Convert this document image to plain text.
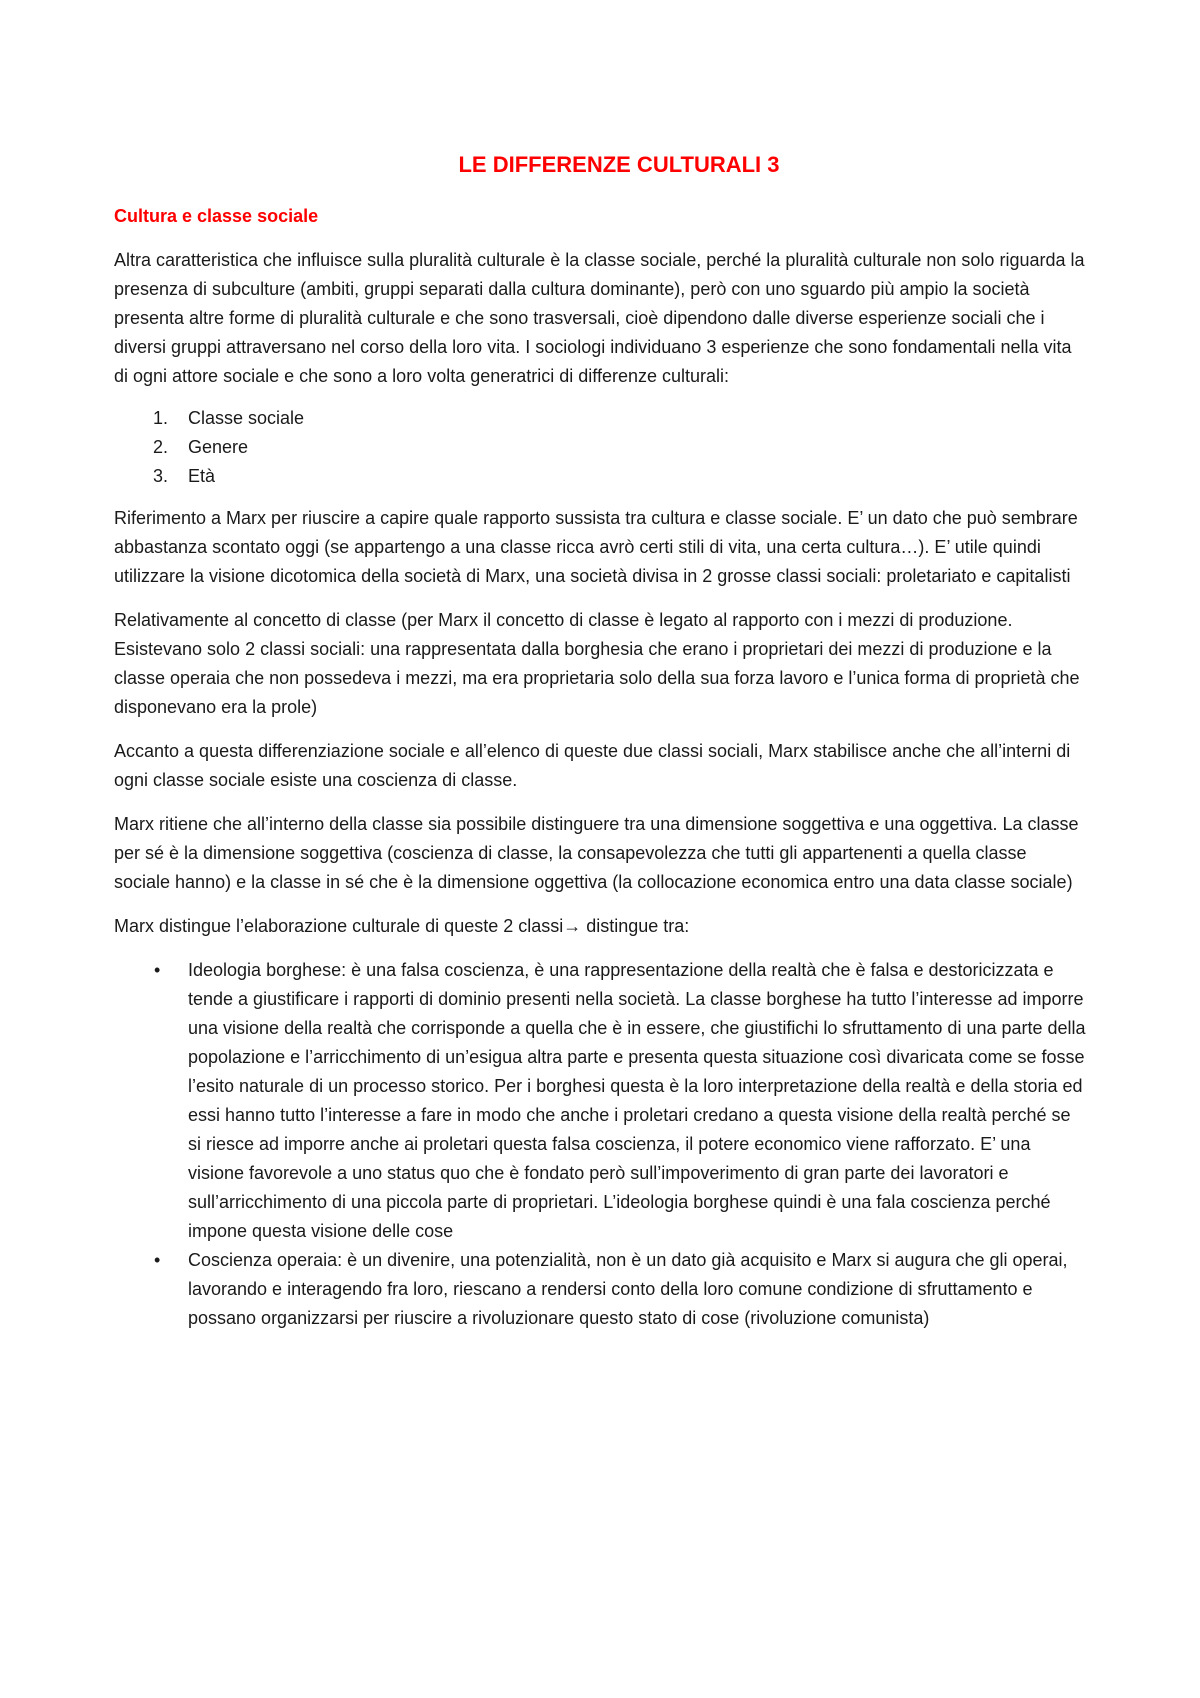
LE DIFFERENZE CULTURALI 3
Cultura e classe sociale

Altra caratteristica che influisce sulla pluralità culturale è la classe sociale, perché la pluralità culturale non solo riguarda la presenza di subculture (ambiti, gruppi separati dalla cultura dominante), però con uno sguardo più ampio la società presenta altre forme di pluralità culturale e che sono trasversali, cioè dipendono dalle diverse esperienze sociali che i diversi gruppi attraversano nel corso della loro vita. I sociologi individuano 3 esperienze che sono fondamentali nella vita di ogni attore sociale e che sono a loro volta generatrici di differenze culturali:

1. Classe sociale
2. Genere
3. Età

Riferimento a Marx per riuscire a capire quale rapporto sussista tra cultura e classe sociale. E’ un dato che può sembrare abbastanza scontato oggi (se appartengo a una classe ricca avrò certi stili di vita, una certa cultura…). E’ utile quindi utilizzare la visione dicotomica della società di Marx, una società divisa in 2 grosse classi sociali: proletariato e capitalisti

Relativamente al concetto di classe (per Marx il concetto di classe è legato al rapporto con i mezzi di produzione. Esistevano solo 2 classi sociali: una rappresentata dalla borghesia che erano i proprietari dei mezzi di produzione e la classe operaia che non possedeva i mezzi, ma era proprietaria solo della sua forza lavoro e l’unica forma di proprietà che disponevano era la prole)

Accanto a questa differenziazione sociale e all’elenco di queste due classi sociali, Marx stabilisce anche che all’interni di ogni classe sociale esiste una coscienza di classe.

Marx ritiene che all’interno della classe sia possibile distinguere tra una dimensione soggettiva e una oggettiva. La classe per sé è la dimensione soggettiva (coscienza di classe, la consapevolezza che tutti gli appartenenti a quella classe sociale hanno) e la classe in sé che è la dimensione oggettiva (la collocazione economica entro una data classe sociale)

Marx distingue l’elaborazione culturale di queste 2 classi→ distingue tra:

• Ideologia borghese: è una falsa coscienza, è una rappresentazione della realtà che è falsa e destoricizzata e tende a giustificare i rapporti di dominio presenti nella società. La classe borghese ha tutto l’interesse ad imporre una visione della realtà che corrisponde a quella che è in essere, che giustifichi lo sfruttamento di una parte della popolazione e l’arricchimento di un’esigua altra parte e presenta questa situazione così divaricata come se fosse l’esito naturale di un processo storico. Per i borghesi questa è la loro interpretazione della realtà e della storia ed essi hanno tutto l’interesse a fare in modo che anche i proletari credano a questa visione della realtà perché se si riesce ad imporre anche ai proletari questa falsa coscienza, il potere economico viene rafforzato. E’ una visione favorevole a uno status quo che è fondato però sull’impoverimento di gran parte dei lavoratori e sull’arricchimento di una piccola parte di proprietari. L’ideologia borghese quindi è una fala coscienza perché impone questa visione delle cose
• Coscienza operaia: è un divenire, una potenzialità, non è un dato già acquisito e Marx si augura che gli operai, lavorando e interagendo fra loro, riescano a rendersi conto della loro comune condizione di sfruttamento e possano organizzarsi per riuscire a rivoluzionare questo stato di cose (rivoluzione comunista)
